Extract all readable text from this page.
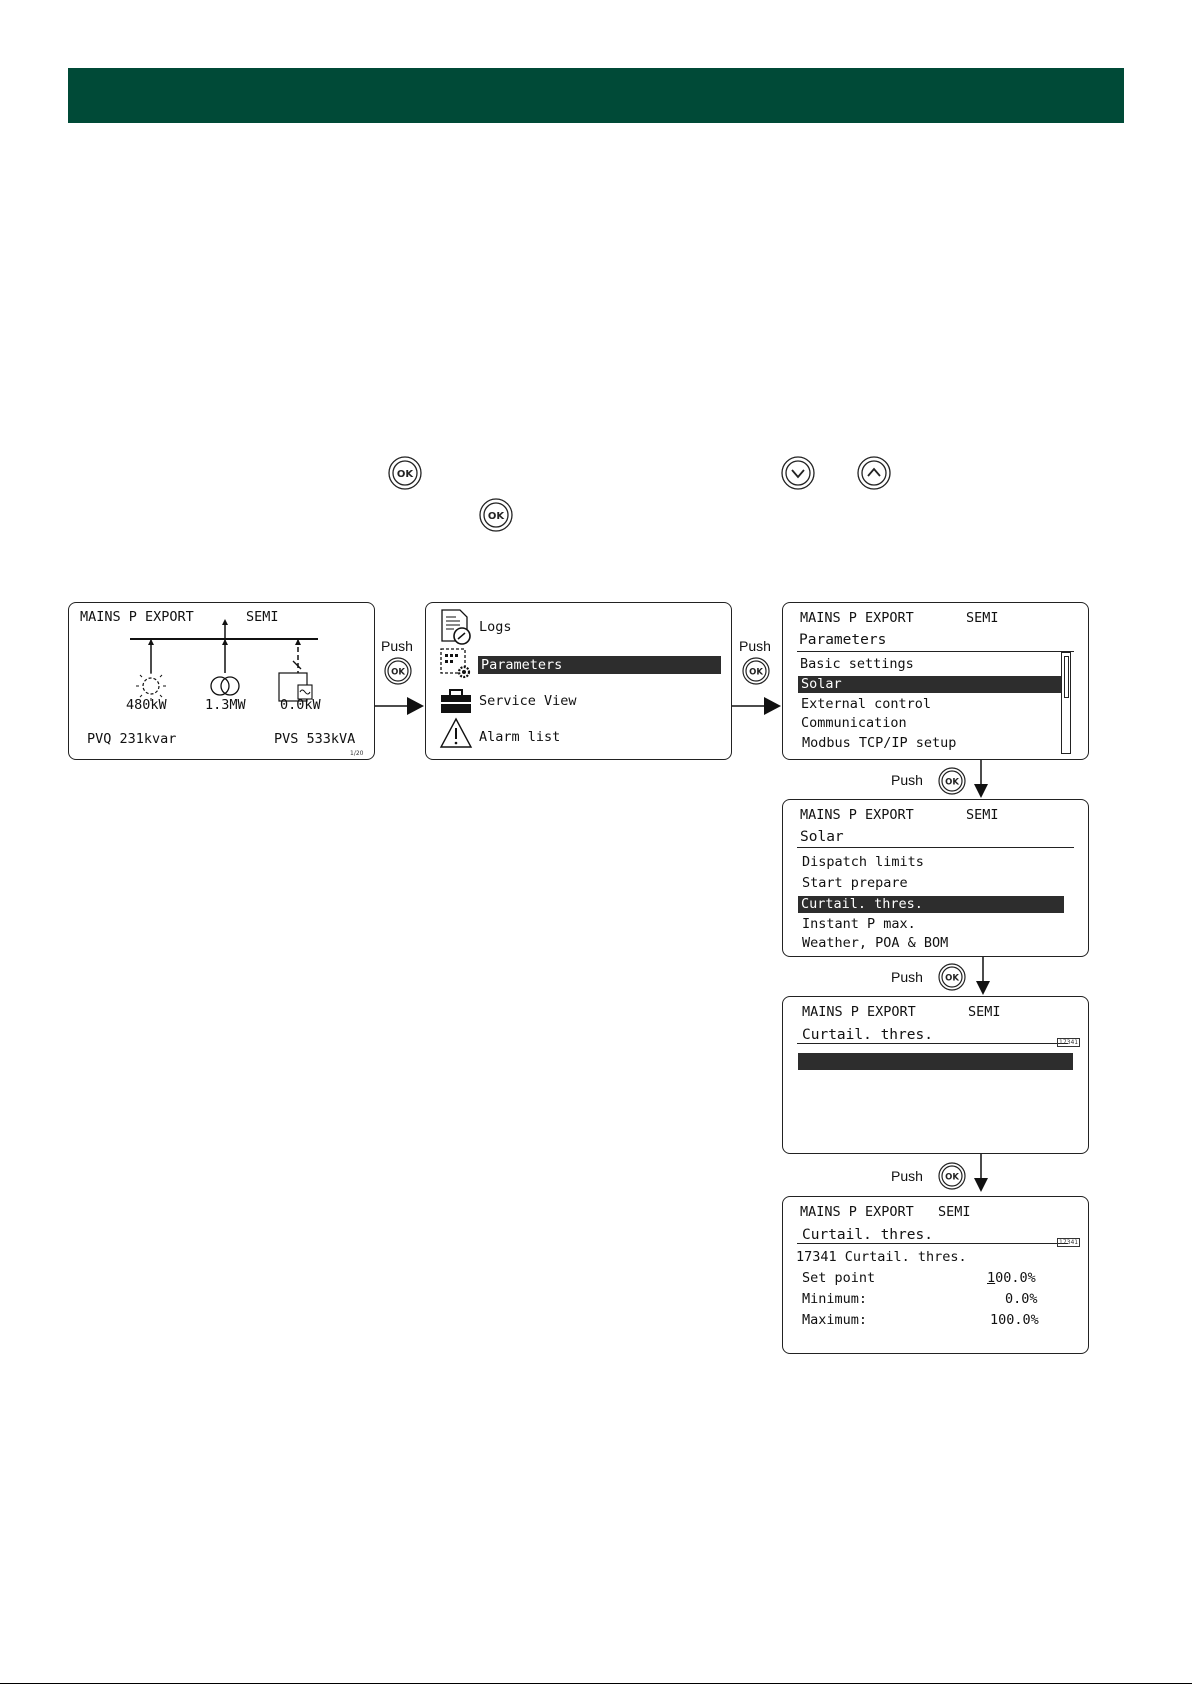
OK
OK
MAINS P EXPORT	SEMI
480kW	1.3MW	0.0kW
PVQ 231kvar	PVS 533kVA
1/20
Push
OK
Logs
Parameters
Service View
Alarm list
Push
OK
MAINS P EXPORT	SEMI
Parameters
Basic settings
Solar
External control
Communication
Modbus TCP/IP setup
Push	OK
MAINS P EXPORT	SEMI
Solar
Dispatch limits
Start prepare
Curtail. thres.
Instant P max.
Weather, POA & BOM
Push	OK
MAINS P EXPORT	SEMI
Curtail. thres.	17341

Curtail. thres.:
100.0%

Push	OK
MAINS P EXPORT SEMI
Curtail. thres.	17341
17341 Curtail. thres.
Set point	100.0%
Minimum:	0.0%
Maximum:	100.0%
